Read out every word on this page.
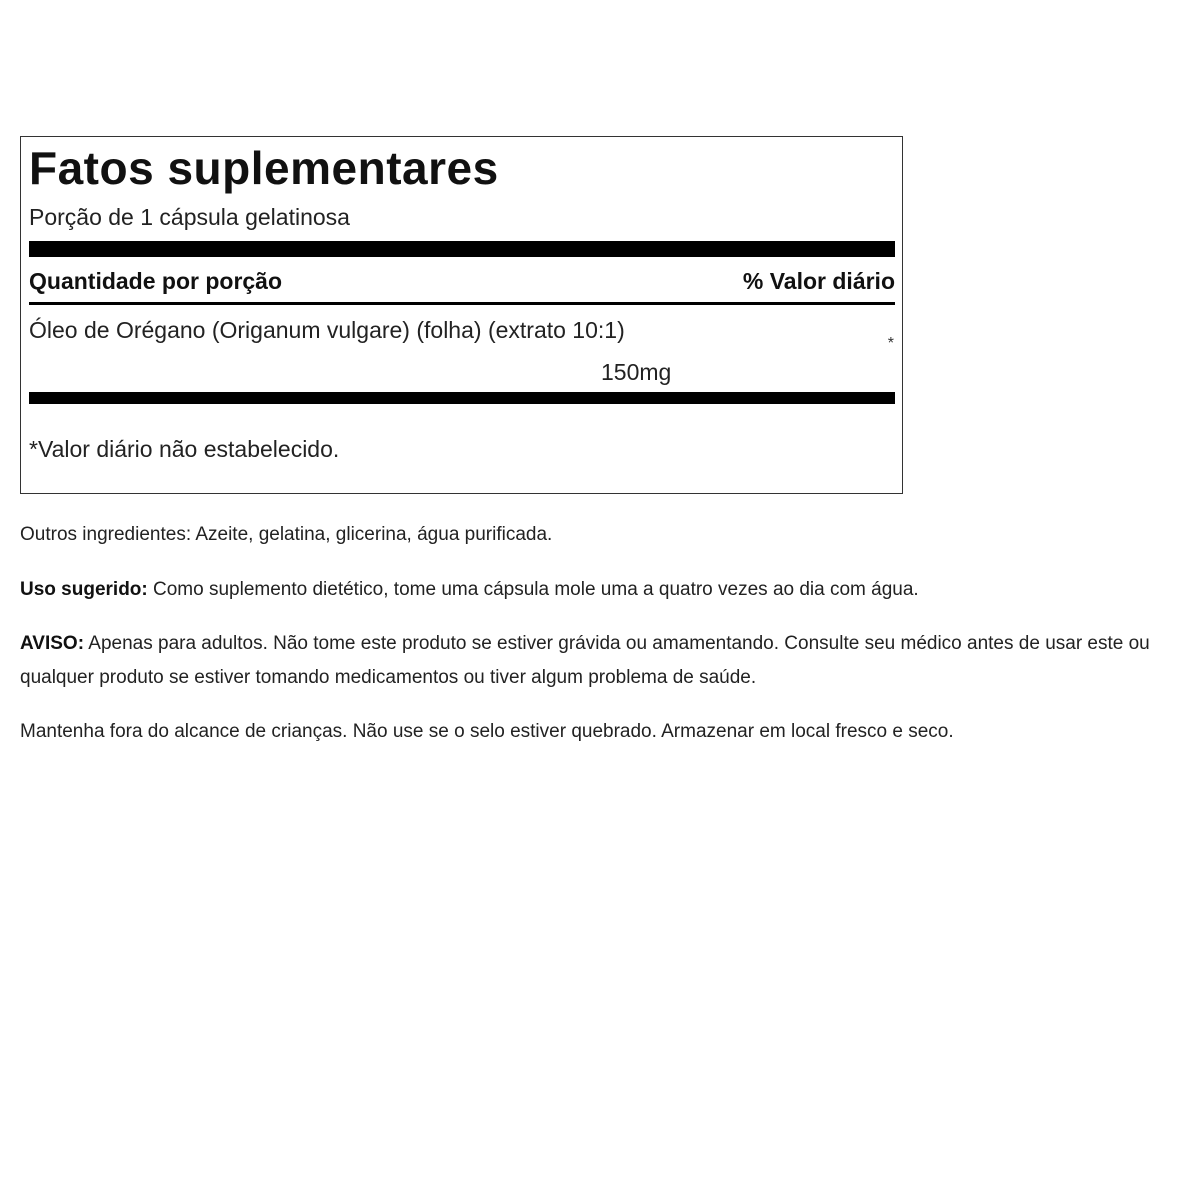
Fatos suplementares
Porção de 1 cápsula gelatinosa
Quantidade por porção	% Valor diário
Óleo de Orégano (Origanum vulgare) (folha) (extrato 10:1)
*
150mg
*Valor diário não estabelecido.
Outros ingredientes: Azeite, gelatina, glicerina, água purificada.
Uso sugerido: Como suplemento dietético, tome uma cápsula mole uma a quatro vezes ao dia com água.
AVISO: Apenas para adultos. Não tome este produto se estiver grávida ou amamentando. Consulte seu médico antes de usar este ou qualquer produto se estiver tomando medicamentos ou tiver algum problema de saúde.
Mantenha fora do alcance de crianças. Não use se o selo estiver quebrado. Armazenar em local fresco e seco.
